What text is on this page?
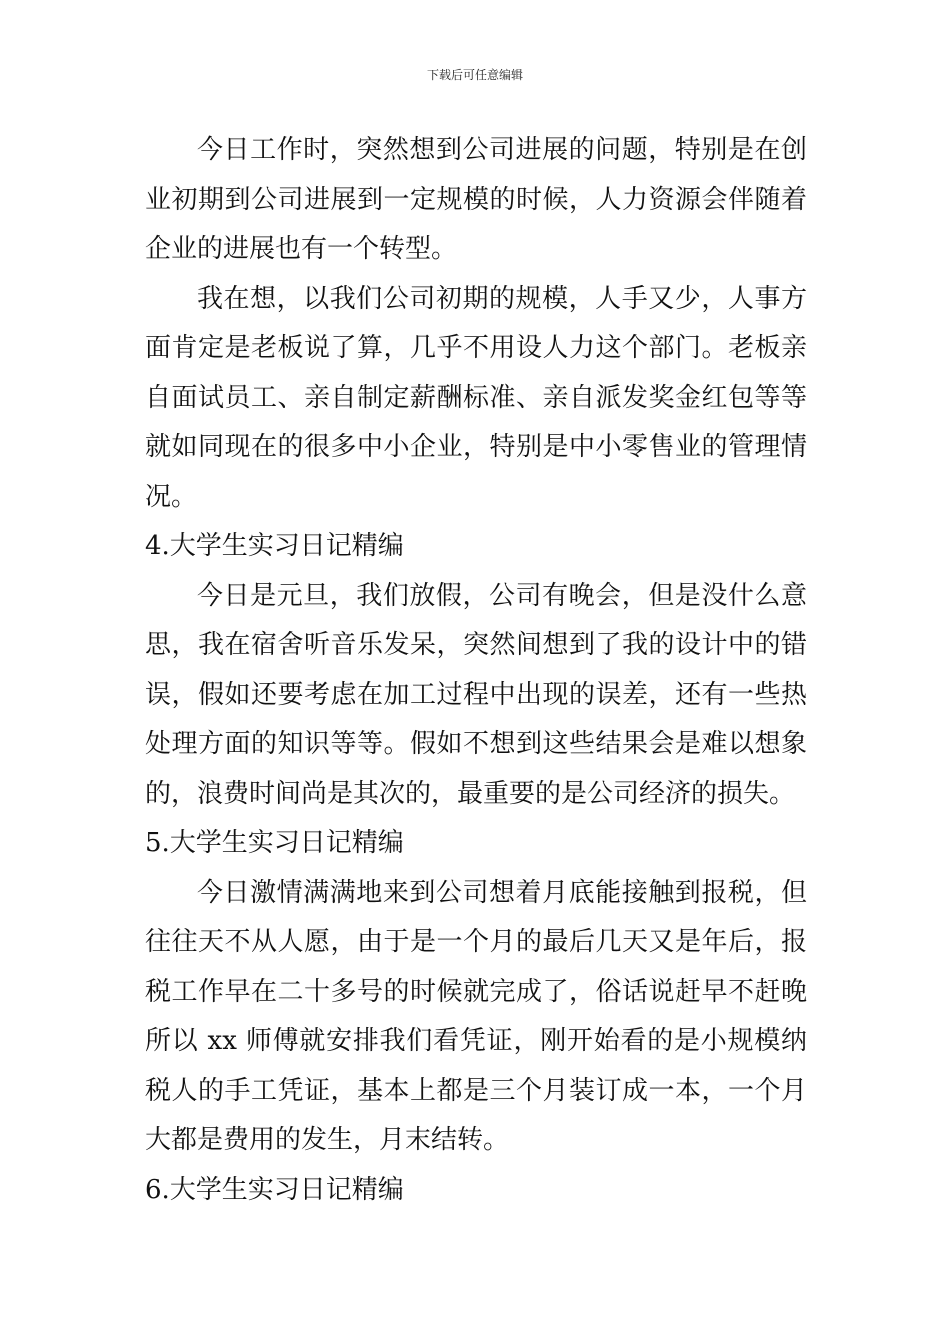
下载后可任意编辑

今日工作时，突然想到公司进展的问题，特别是在创业初期到公司进展到一定规模的时候，人力资源会伴随着企业的进展也有一个转型。

我在想，以我们公司初期的规模，人手又少，人事方面肯定是老板说了算，几乎不用设人力这个部门。老板亲自面试员工、亲自制定薪酬标准、亲自派发奖金红包等等就如同现在的很多中小企业，特别是中小零售业的管理情况。

4.大学生实习日记精编

今日是元旦，我们放假，公司有晚会，但是没什么意思，我在宿舍听音乐发呆，突然间想到了我的设计中的错误，假如还要考虑在加工过程中出现的误差，还有一些热处理方面的知识等等。假如不想到这些结果会是难以想象的，浪费时间尚是其次的，最重要的是公司经济的损失。

5.大学生实习日记精编

今日激情满满地来到公司想着月底能接触到报税，但往往天不从人愿，由于是一个月的最后几天又是年后，报税工作早在二十多号的时候就完成了，俗话说赶早不赶晚所以 xx 师傅就安排我们看凭证，刚开始看的是小规模纳税人的手工凭证，基本上都是三个月装订成一本，一个月大都是费用的发生，月末结转。

6.大学生实习日记精编
